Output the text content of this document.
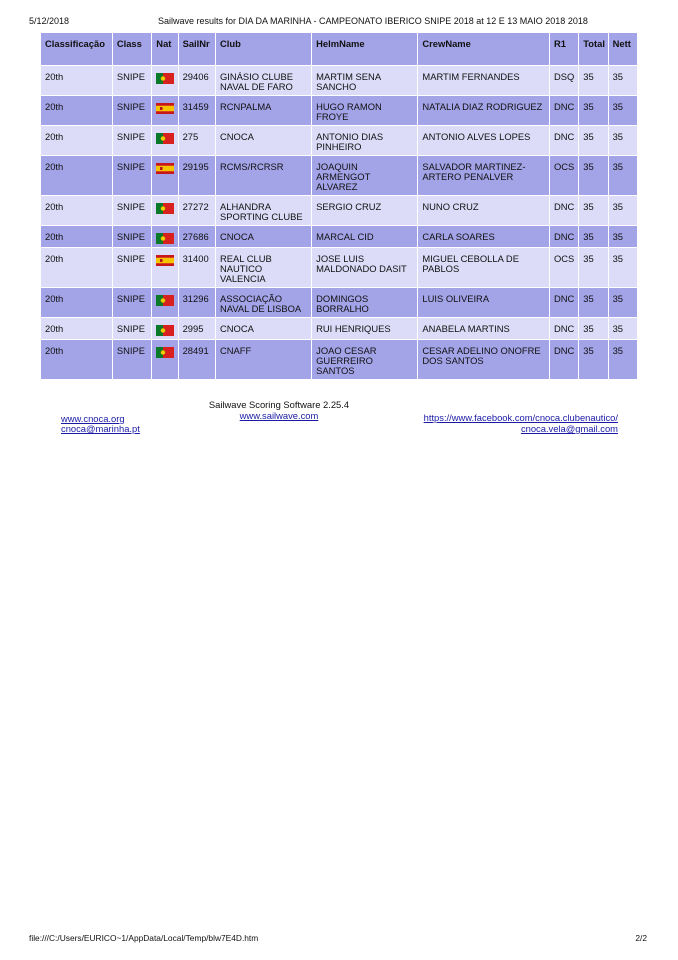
5/12/2018	Sailwave results for DIA DA MARINHA - CAMPEONATO IBERICO SNIPE 2018 at 12 E 13 MAIO 2018 2018
Classificação	Class	Nat	SailNr	Club	HelmName	CrewName	R1	Total	Nett
20th	SNIPE		29406	GINÁSIO CLUBE NAVAL DE FARO	MARTIM SENA SANCHO	MARTIM FERNANDES	DSQ	35	35
20th	SNIPE		31459	RCNPALMA	HUGO RAMON FROYE	NATALIA DIAZ RODRIGUEZ	DNC	35	35
20th	SNIPE		275	CNOCA	ANTONIO DIAS PINHEIRO	ANTONIO ALVES LOPES	DNC	35	35
20th	SNIPE		29195	RCMS/RCRSR	JOAQUIN ARMENGOT ALVAREZ	SALVADOR MARTINEZ-ARTERO PENALVER	OCS	35	35
20th	SNIPE		27272	ALHANDRA SPORTING CLUBE	SERGIO CRUZ	NUNO CRUZ	DNC	35	35
20th	SNIPE		27686	CNOCA	MARCAL CID	CARLA SOARES	DNC	35	35
20th	SNIPE		31400	REAL CLUB NAUTICO VALENCIA	JOSE LUIS MALDONADO DASIT	MIGUEL CEBOLLA DE PABLOS	OCS	35	35
20th	SNIPE		31296	ASSOCIAÇÃO NAVAL DE LISBOA	DOMINGOS BORRALHO	LUIS OLIVEIRA	DNC	35	35
20th	SNIPE		2995	CNOCA	RUI HENRIQUES	ANABELA MARTINS	DNC	35	35
20th	SNIPE		28491	CNAFF	JOAO CESAR GUERREIRO SANTOS	CESAR ADELINO ONOFRE DOS SANTOS	DNC	35	35
Sailwave Scoring Software 2.25.4
www.sailwave.com
www.cnoca.org
cnoca@marinha.pt
https://www.facebook.com/cnoca.clubenautico/
cnoca.vela@gmail.com
file:///C:/Users/EURICO~1/AppData/Local/Temp/blw7E4D.htm	2/2
